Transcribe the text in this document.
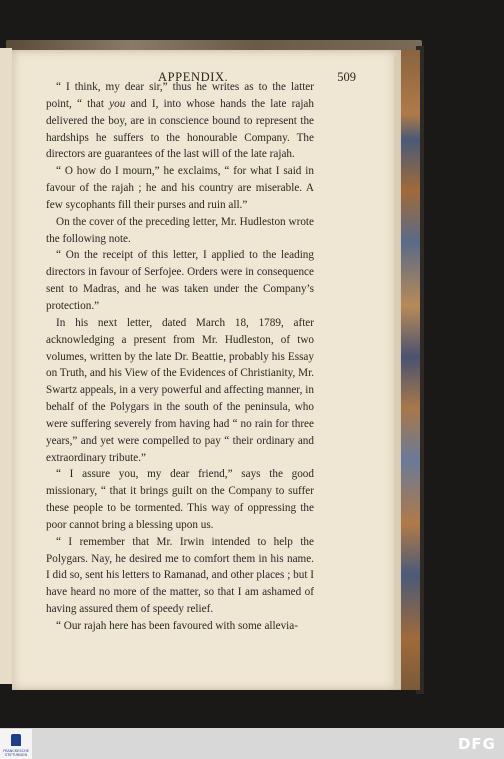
APPENDIX.	509

“ I think, my dear sir,” thus he writes as to the latter point, “ that you and I, into whose hands the late rajah delivered the boy, are in conscience bound to represent the hardships he suffers to the honourable Company. The directors are guarantees of the last will of the late rajah.

“ O how do I mourn,” he exclaims, “ for what I said in favour of the rajah ; he and his country are miserable. A few sycophants fill their purses and ruin all.”

On the cover of the preceding letter, Mr. Hudleston wrote the following note.

“ On the receipt of this letter, I applied to the leading directors in favour of Serfojee. Orders were in consequence sent to Madras, and he was taken under the Company’s protection.”

In his next letter, dated March 18, 1789, after acknowledging a present from Mr. Hudleston, of two volumes, written by the late Dr. Beattie, probably his Essay on Truth, and his View of the Evidences of Christianity, Mr. Swartz appeals, in a very powerful and affecting manner, in behalf of the Polygars in the south of the peninsula, who were suffering severely from having had “ no rain for three years,” and yet were compelled to pay “ their ordinary and extraordinary tribute.”

“ I assure you, my dear friend,” says the good missionary, “ that it brings guilt on the Company to suffer these people to be tormented. This way of oppressing the poor cannot bring a blessing upon us.

“ I remember that Mr. Irwin intended to help the Polygars. Nay, he desired me to comfort them in his name. I did so, sent his letters to Ramanad, and other places ; but I have heard no more of the matter, so that I am ashamed of having assured them of speedy relief.

“ Our rajah here has been favoured with some allevia-

FRANCKESCHE STIFTUNGEN
DFG
